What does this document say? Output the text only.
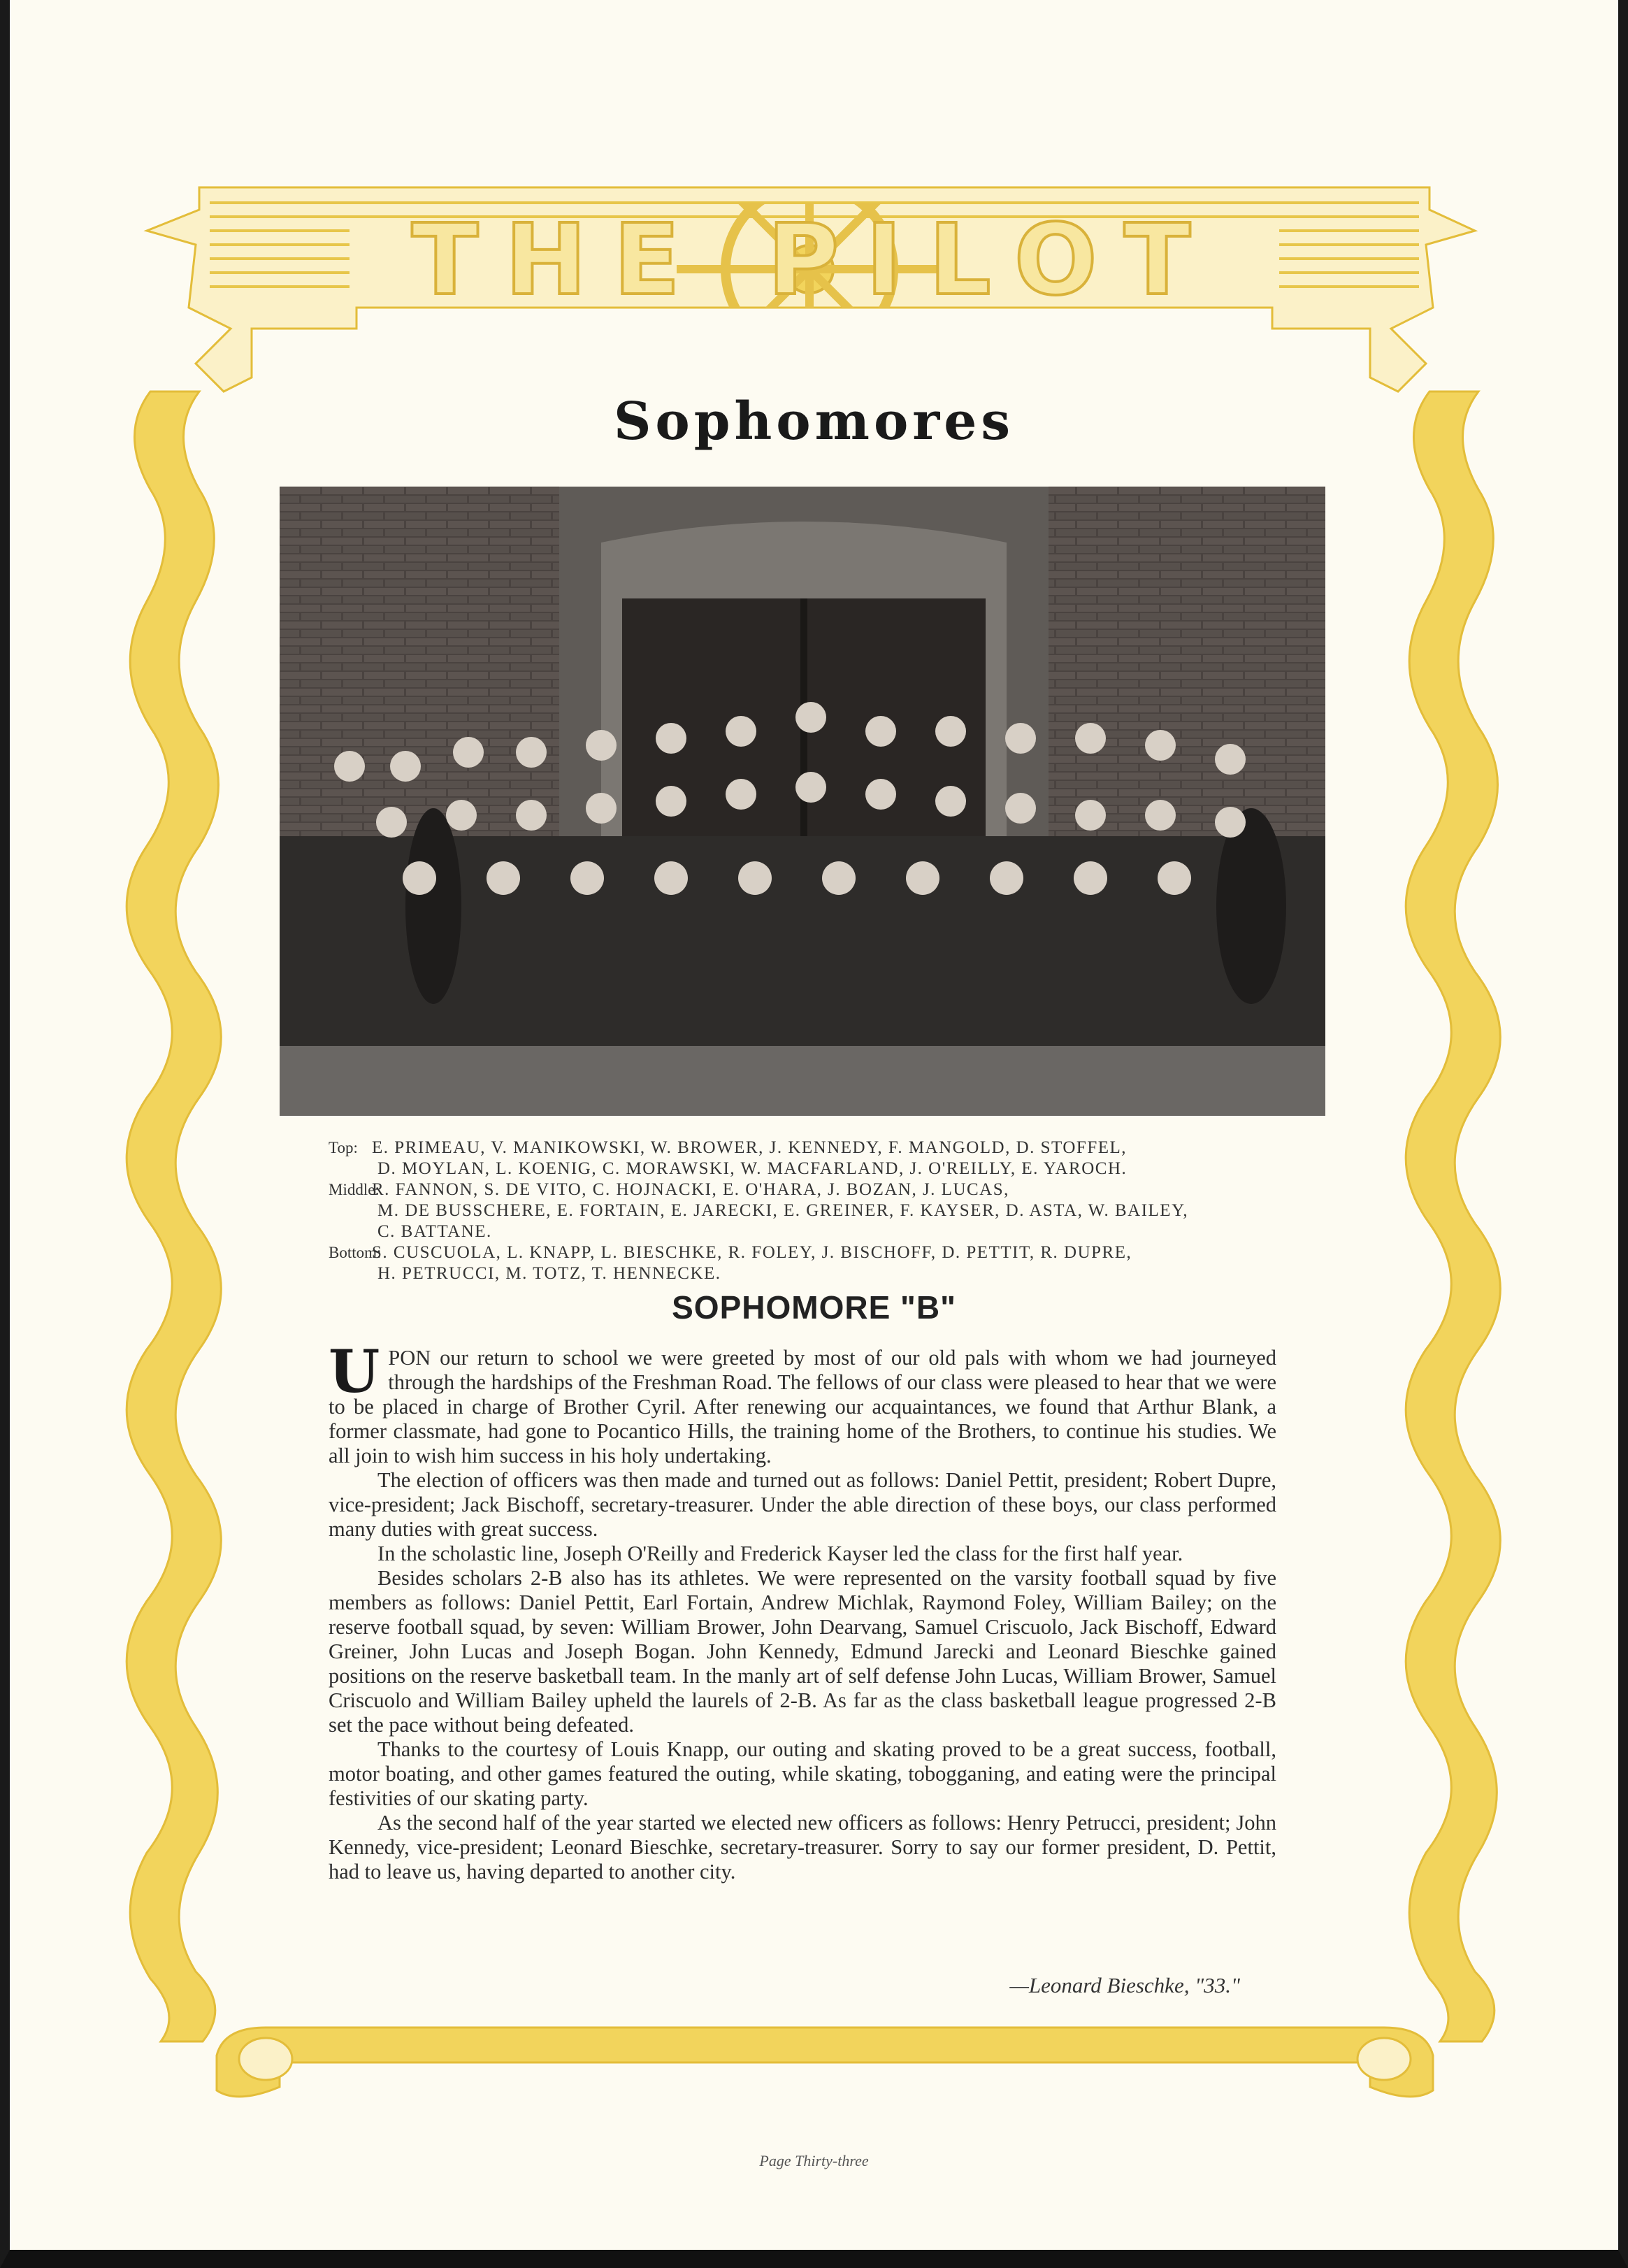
THE PILOT
Sophomores
Top: E. PRIMEAU, V. MANIKOWSKI, W. BROWER, J. KENNEDY, F. MANGOLD, D. STOFFEL,
D. MOYLAN, L. KOENIG, C. MORAWSKI, W. MACFARLAND, J. O'REILLY, E. YAROCH.
Middle:
R. FANNON, S. DE VITO, C. HOJNACKI, E. O'HARA, J. BOZAN, J. LUCAS,
M. DE BUSSCHERE, E. FORTAIN, E. JARECKI, E. GREINER, F. KAYSER, D. ASTA, W. BAILEY,
C. BATTANE.
Bottom:
S. CUSCUOLA, L. KNAPP, L. BIESCHKE, R. FOLEY, J. BISCHOFF, D. PETTIT, R. DUPRE,
H. PETRUCCI, M. TOTZ, T. HENNECKE.
SOPHOMORE "B"

UPON our return to school we were greeted by most of our old pals with whom we had journeyed through the hardships of the Freshman Road. The fellows of our class were pleased to hear that we were to be placed in charge of Brother Cyril. After renewing our acquaintances, we found that Arthur Blank, a former classmate, had gone to Pocantico Hills, the training home of the Brothers, to continue his studies. We all join to wish him success in his holy undertaking.

The election of officers was then made and turned out as follows: Daniel Pettit, president; Robert Dupre, vice-president; Jack Bischoff, secretary-treasurer. Under the able direction of these boys, our class performed many duties with great success.

In the scholastic line, Joseph O'Reilly and Frederick Kayser led the class for the first half year.

Besides scholars 2-B also has its athletes. We were represented on the varsity football squad by five members as follows: Daniel Pettit, Earl Fortain, Andrew Michlak, Raymond Foley, William Bailey; on the reserve football squad, by seven: William Brower, John Dearvang, Samuel Criscuolo, Jack Bischoff, Edward Greiner, John Lucas and Joseph Bogan. John Kennedy, Edmund Jarecki and Leonard Bieschke gained positions on the reserve basketball team. In the manly art of self defense John Lucas, William Brower, Samuel Criscuolo and William Bailey upheld the laurels of 2-B. As far as the class basketball league progressed 2-B set the pace without being defeated.

Thanks to the courtesy of Louis Knapp, our outing and skating proved to be a great success, football, motor boating, and other games featured the outing, while skating, tobogganing, and eating were the principal festivities of our skating party.

As the second half of the year started we elected new officers as follows: Henry Petrucci, president; John Kennedy, vice-president; Leonard Bieschke, secretary-treasurer. Sorry to say our former president, D. Pettit, had to leave us, having departed to another city.

—Leonard Bieschke, "33."
Page Thirty-three
